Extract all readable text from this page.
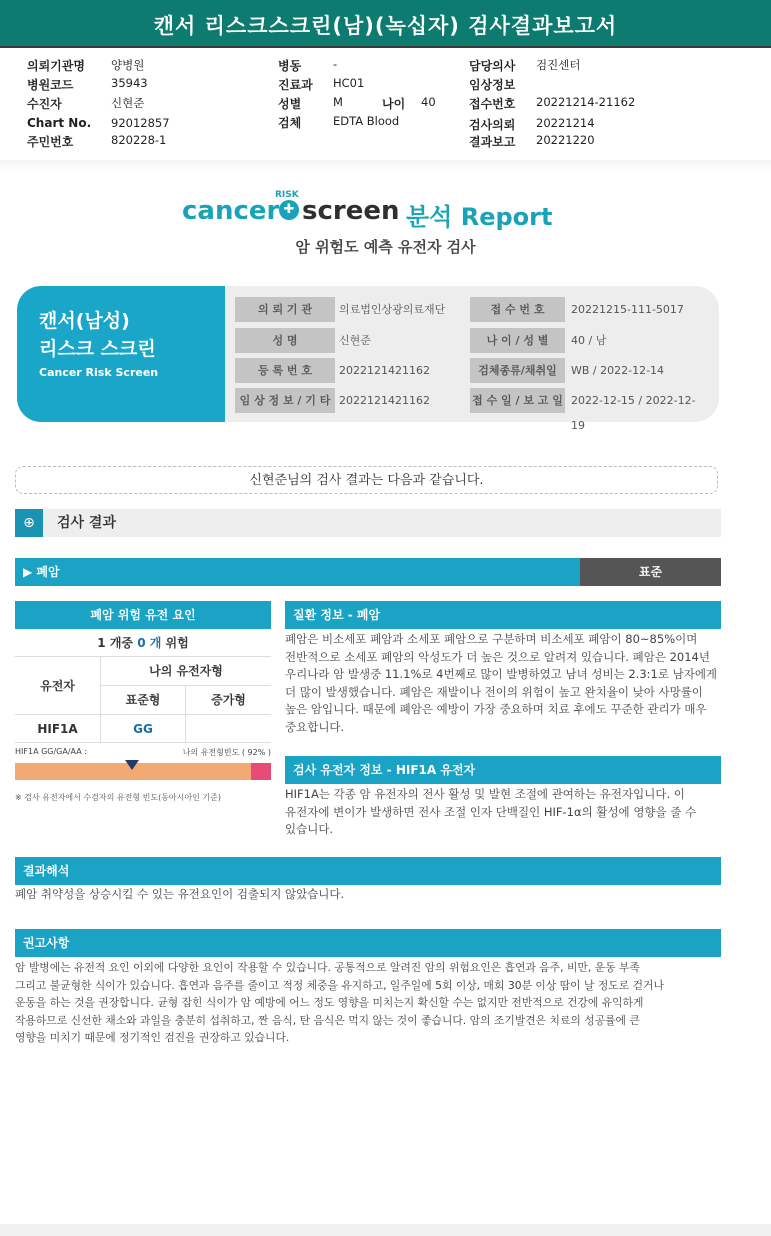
캔서 리스크스크린(남)(녹십자) 검사결과보고서
의뢰기관명 양병원
병원코드	35943
수진자	신현준
Chart No. 92012857
주민번호	820228-1
병동	-
진료과 HC01
성별	M	나이 40
검체	EDTA Blood
담당의사 검진센터
임상정보
접수번호 20221214-21162
검사의뢰 20221214
결과보고 20221220
cancer
RISK
✚ screen 분석 Report
암 위험도 예측 유전자 검사
캔서(남성)
리스크 스크린
Cancer Risk Screen
의 뢰 기 관	의료법인상광의료재단	접 수 번 호	20221215-111-5017
성 명	신현준	나 이 / 성 별	40 / 남
등 록 번 호	2022121421162	검체종류/채취일	WB / 2022-12-14
임 상 정 보 / 기 타 2022121421162	접 수 일 / 보 고 일 2022-12-15 / 2022-12-19
신현준님의 검사 결과는 다음과 같습니다.
⊕	검사 결과
▶ 폐암	표준
폐암 위험 유전 요인
1 개중 0 개 위험
유전자
나의 유전자형
표준형	증가형
HIF1A	GG
HIF1A GG/GA/AA :	나의 유전형빈도 ( 92% )
※ 검사 유전자에서 수검자의 유전형 빈도(동아시아인 기준)
질환 정보 - 폐암
폐암은 비소세포 폐암과 소세포 폐암으로 구분하며 비소세포 폐암이 80~85%이며
전반적으로 소세포 폐암의 악성도가 더 높은 것으로 알려져 있습니다. 폐암은 2014년
우리나라 암 발생중 11.1%로 4번째로 많이 발병하였고 남녀 성비는 2.3:1로 남자에게
더 많이 발생했습니다. 폐암은 재발이나 전이의 위험이 높고 완치율이 낮아 사망률이
높은 암입니다. 때문에 폐암은 예방이 가장 중요하며 치료 후에도 꾸준한 관리가 매우
중요합니다.
검사 유전자 정보 - HIF1A 유전자
HIF1A는 각종 암 유전자의 전사 활성 및 발현 조절에 관여하는 유전자입니다. 이
유전자에 변이가 발생하면 전사 조절 인자 단백질인 HIF-1α의 활성에 영향을 줄 수
있습니다.
결과해석
폐암 취약성을 상승시킬 수 있는 유전요인이 검출되지 않았습니다.
권고사항
암 발병에는 유전적 요인 이외에 다양한 요인이 작용할 수 있습니다. 공통적으로 알려진 암의 위험요인은 흡연과 음주, 비만, 운동 부족
그리고 불균형한 식이가 있습니다. 흡연과 음주를 줄이고 적정 체중을 유지하고, 일주일에 5회 이상, 매회 30분 이상 땀이 날 정도로 걷거나
운동을 하는 것을 권장합니다. 균형 잡힌 식이가 암 예방에 어느 정도 영향을 미치는지 확신할 수는 없지만 전반적으로 건강에 유익하게
작용하므로 신선한 채소와 과일을 충분히 섭취하고, 짠 음식, 탄 음식은 먹지 않는 것이 좋습니다. 암의 조기발견은 치료의 성공률에 큰
영향을 미치기 때문에 정기적인 검진을 권장하고 있습니다.
